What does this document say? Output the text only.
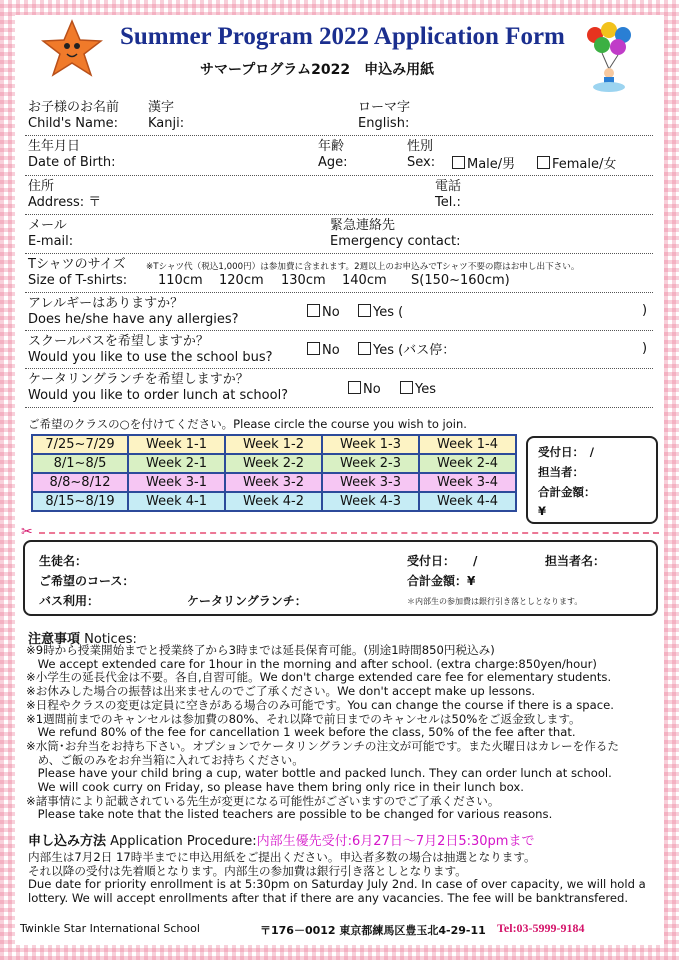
Summer Program 2022 Application Form
サマープログラム2022　申込み用紙
お子様のお名前 漢字	ローマ字
Child's Name: Kanji:	English:
生年月日	年齢	性別
Date of Birth:	Age:	Sex:	Male/男	Female/女
住所	電話
Address: 〒	Tel.:
メール	緊急連絡先
E-mail:	Emergency contact:
Tシャツのサイズ ※Tシャツ代（税込1,000円）は参加費に含まれます。2週以上のお申込みでTシャツ不要の際はお申し出下さい。
Size of T-shirts: 110cm 120cm 130cm 140cm S(150~160cm)
アレルギーはありますか？
Does he/she have any allergies?	No	Yes (	)
スクールバスを希望しますか？
Would you like to use the school bus?	No	Yes (バス停：	)
ケータリングランチを希望しますか？
Would you like to order lunch at school?	No	Yes
ご希望のクラスの○を付けてください。Please circle the course you wish to join.
7/25~7/29	Week 1-1	Week 1-2	Week 1-3	Week 1-4
8/1~8/5	Week 2-1	Week 2-2	Week 2-3	Week 2-4
8/8~8/12	Week 3-1	Week 3-2	Week 3-3	Week 3-4
8/15~8/19	Week 4-1	Week 4-2	Week 4-3	Week 4-4
受付日：　/
担当者：
合計金額：
¥
✂
生徒名：	受付日：　　/	担当者名：
ご希望のコース：	合計金額：¥
バス利用：	ケータリングランチ：	＊内部生の参加費は銀行引き落としとなります。
注意事項 Notices:
※9時から授業開始までと授業終了から3時までは延長保育可能。(別途1時間850円税込み)
　We accept extended care for 1hour in the morning and after school. (extra charge:850yen/hour)
※小学生の延長代金は不要。各自,自習可能。We don't charge extended care fee for elementary students.
※お休みした場合の振替は出来ませんのでご了承ください。We don't accept make up lessons.
※日程やクラスの変更は定員に空きがある場合のみ可能です。You can change the course if there is a space.
※1週間前までのキャンセルは参加費の80%、それ以降で前日までのキャンセルは50%をご返金致します。
　We refund 80% of the fee for cancellation 1 week before the class, 50% of the fee after that.
※水筒･お弁当をお持ち下さい。オプションでケータリングランチの注文が可能です。また火曜日はカレーを作るた
　め、ご飯のみをお弁当箱に入れてお持ちください。
　Please have your child bring a cup, water bottle and packed lunch. They can order lunch at school.
　We will cook curry on Friday, so please have them bring only rice in their lunch box.
※諸事情により記載されている先生が変更になる可能性がございますのでご了承ください。
　Please take note that the listed teachers are possible to be changed for various reasons.
申し込み方法 Application Procedure:内部生優先受付:6月27日～7月2日5:30pmまで
内部生は7月2日 17時半までに申込用紙をご提出ください。申込者多数の場合は抽選となります。
それ以降の受付は先着順となります。内部生の参加費は銀行引き落としとなります。
Due date for priority enrollment is at 5:30pm on Saturday July 2nd. In case of over capacity, we will hold a
lottery. We will accept enrollments after that if there are any vacancies. The fee will be banktransfered.
Twinkle Star International School	〒176－0012 東京都練馬区豊玉北4-29-11 Tel:03-5999-9184
